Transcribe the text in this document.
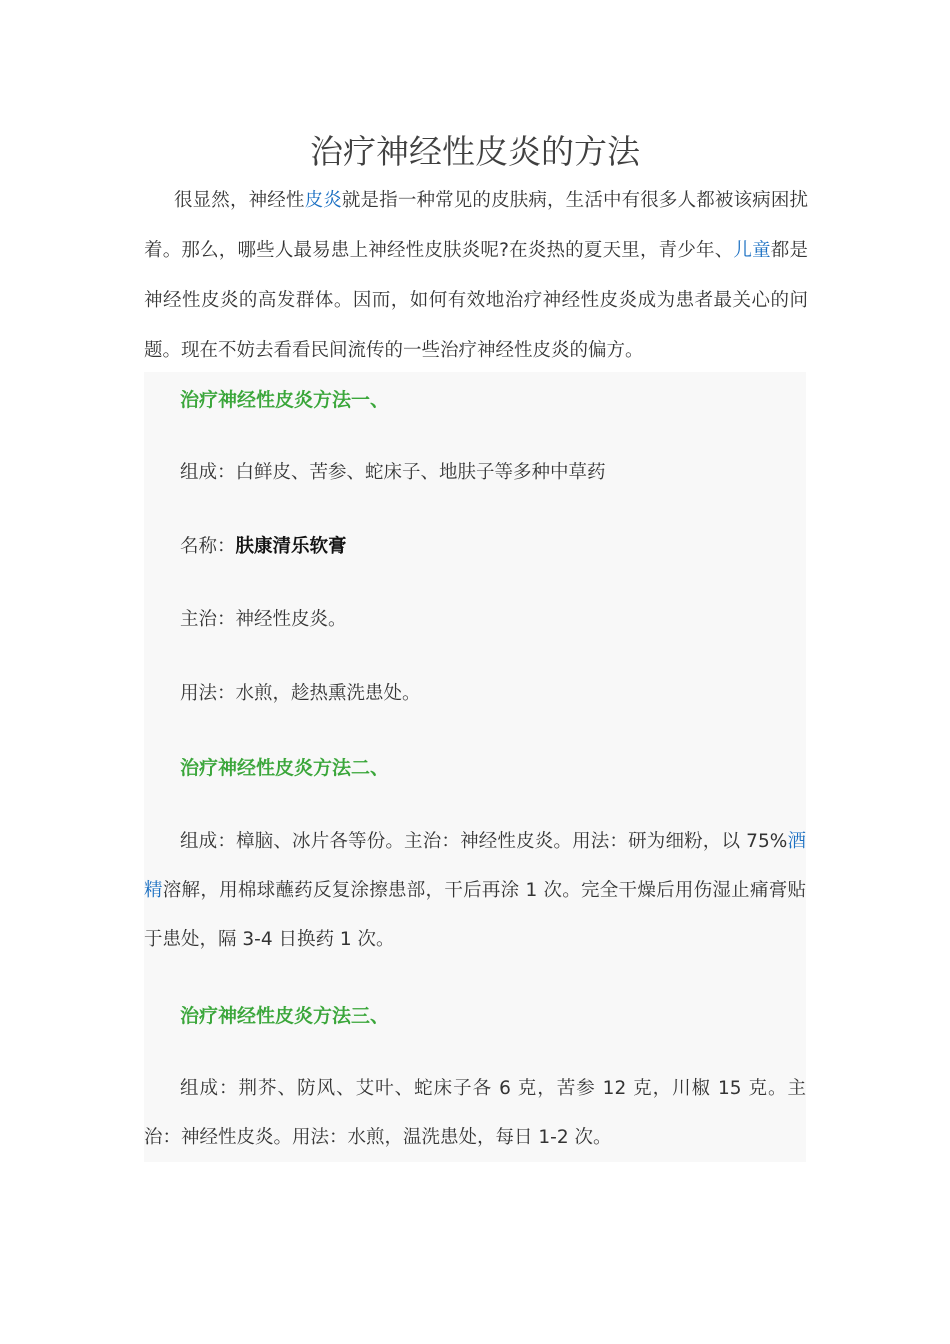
治疗神经性皮炎的方法

很显然，神经性皮炎就是指一种常见的皮肤病，生活中有很多人都被该病困扰着。那么，哪些人最易患上神经性皮肤炎呢?在炎热的夏天里，青少年、儿童都是神经性皮炎的高发群体。因而，如何有效地治疗神经性皮炎成为患者最关心的问题。现在不妨去看看民间流传的一些治疗神经性皮炎的偏方。

治疗神经性皮炎方法一、

组成：白鲜皮、苦参、蛇床子、地肤子等多种中草药

名称：肤康清乐软膏

主治：神经性皮炎。

用法：水煎，趁热熏洗患处。

治疗神经性皮炎方法二、

组成：樟脑、冰片各等份。主治：神经性皮炎。用法：研为细粉，以 75%酒精溶解，用棉球蘸药反复涂擦患部，干后再涂 1 次。完全干燥后用伤湿止痛膏贴于患处，隔 3-4 日换药 1 次。

治疗神经性皮炎方法三、

组成：荆芥、防风、艾叶、蛇床子各 6 克，苦参 12 克，川椒 15 克。主治：神经性皮炎。用法：水煎，温洗患处，每日 1-2 次。
